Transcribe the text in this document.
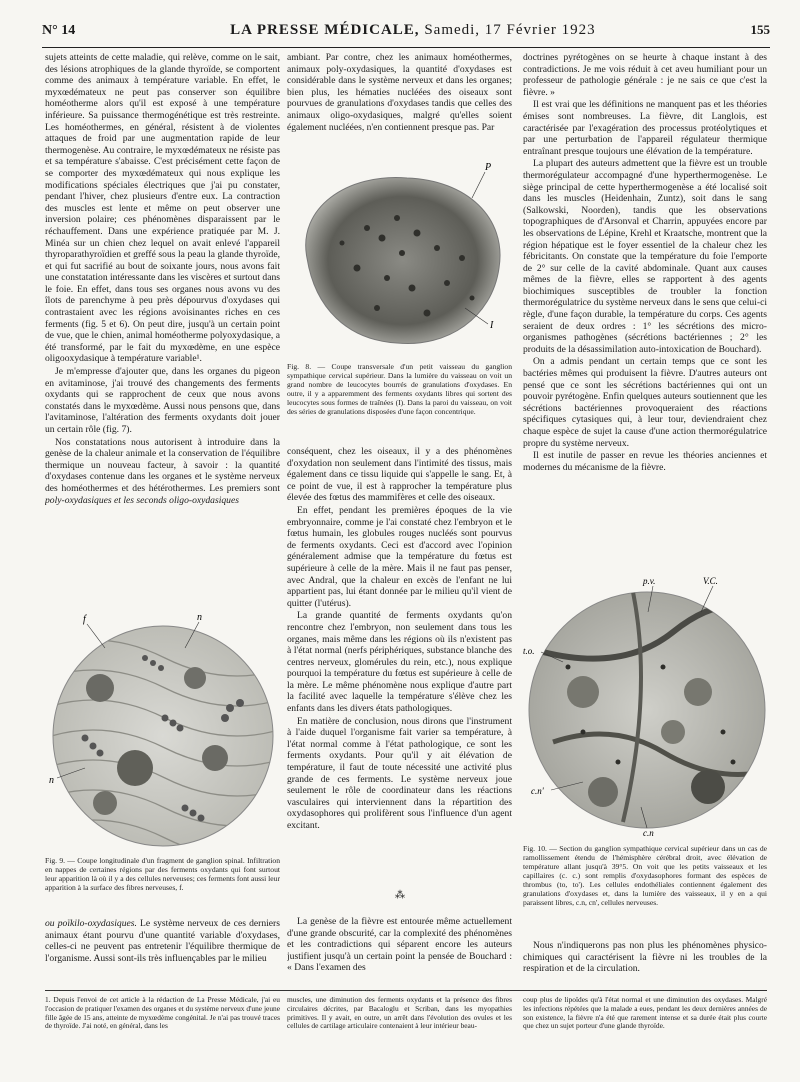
N° 14	LA PRESSE MÉDICALE, Samedi, 17 Février 1923	155

sujets atteints de cette maladie, qui relève, comme on le sait, des lésions atrophiques de la glande thyroïde, se comportent comme des animaux à température variable. En effet, le myxœdémateux ne peut pas conserver son équilibre homéotherme alors qu'il est exposé à une température inférieure. Sa puissance thermogénétique est très restreinte. Les homéothermes, en général, résistent à de violentes attaques de froid par une augmentation rapide de leur thermogenèse. Au contraire, le myxœdémateux ne résiste pas et sa température s'abaisse. C'est précisément cette façon de se comporter des myxœdémateux qui nous explique les modifications spéciales électriques que j'ai pu constater, pendant l'hiver, chez plusieurs d'entre eux. La contraction des muscles est lente et même on peut observer une inversion polaire; ces phénomènes disparaissent par le réchauffement. Dans une expérience pratiquée par M. J. Minéa sur un chien chez lequel on avait enlevé l'appareil thyroparathyroïdien et greffé sous la peau la glande thyroïde, et qui fut sacrifié au bout de soixante jours, nous avons fait une constatation intéressante dans les viscères et surtout dans le foie. En effet, dans tous ses organes nous avons vu des îlots de parenchyme à peu près dépourvus d'oxydases qui contrastaient avec les régions avoisinantes riches en ces ferments (fig. 5 et 6). On peut dire, jusqu'à un certain point de vue, que le chien, animal homéotherme polyoxydasique, a été transformé, par le fait du myxœdème, en une espèce oligooxydasique à température variable¹.

Je m'empresse d'ajouter que, dans les organes du pigeon en avitaminose, j'ai trouvé des changements des ferments oxydants qui se rapprochent de ceux que nous avons constatés dans le myxœdème. Aussi nous pensons que, dans l'avitaminose, l'altération des ferments oxydants doit jouer un certain rôle (fig. 7).

Nos constatations nous autorisent à introduire dans la genèse de la chaleur animale et la conservation de l'équilibre thermique un nouveau facteur, à savoir : la quantité d'oxydases contenue dans les organes et le système nerveux des homéothermes et des hétérothermes. Les premiers sont poly-oxydasiques et les seconds oligo-oxydasiques

f	n
n
Fig. 9. — Coupe longitudinale d'un fragment de ganglion spinal. Infiltration en nappes de certaines régions par des ferments oxydants qui font surtout leur apparition là où il y a des cellules nerveuses; ces ferments font aussi leur apparition à la surface des fibres nerveuses, f.

ou poïkilo-oxydasiques. Le système nerveux de ces derniers animaux étant pourvu d'une quantité variable d'oxydases, celles-ci ne peuvent pas entretenir l'équilibre thermique de l'organisme. Aussi sont-ils très influençables par le milieu

ambiant. Par contre, chez les animaux homéothermes, animaux poly-oxydasiques, la quantité d'oxydases est considérable dans le système nerveux et dans les organes; bien plus, les hématies nucléées des oiseaux sont pourvues de granulations d'oxydases tandis que celles des animaux oligo-oxydasiques, malgré qu'elles soient également nucléées, n'en contiennent presque pas. Par

P
I
Fig. 8. — Coupe transversale d'un petit vaisseau du ganglion sympathique cervical supérieur. Dans la lumière du vaisseau on voit un grand nombre de leucocytes bourrés de granulations d'oxydases. En outre, il y a apparemment des ferments oxydants libres qui sortent des leucocytes sous formes de traînées (I). Dans la paroi du vaisseau, on voit des séries de granulations disposées d'une façon concentrique.

conséquent, chez les oiseaux, il y a des phénomènes d'oxydation non seulement dans l'intimité des tissus, mais également dans ce tissu liquide qui s'appelle le sang. Et, à ce point de vue, il est à rapprocher la température plus élevée des fœtus des mammifères et celle des oiseaux.

En effet, pendant les premières époques de la vie embryonnaire, comme je l'ai constaté chez l'embryon et le fœtus humain, les globules rouges nucléés sont pourvus de ferments oxydants. Ceci est d'accord avec l'opinion généralement admise que la température du fœtus est supérieure à celle de la mère. Mais il ne faut pas penser, avec Andral, que la chaleur en excès de l'enfant ne lui appartient pas, lui étant donnée par le milieu qu'il vient de quitter (l'utérus).

La grande quantité de ferments oxydants qu'on rencontre chez l'embryon, non seulement dans tous les organes, mais même dans les régions où ils n'existent pas à l'état normal (nerfs périphériques, substance blanche des centres nerveux, glomérules du rein, etc.), nous explique pourquoi la température du fœtus est supérieure à celle de la mère. Le même phénomène nous explique d'autre part la facilité avec laquelle la température s'élève chez les enfants dans les divers états pathologiques.

En matière de conclusion, nous dirons que l'instrument à l'aide duquel l'organisme fait varier sa température, à l'état normal comme à l'état pathologique, ce sont les ferments oxydants. Pour qu'il y ait élévation de température, il faut de toute nécessité une activité plus grande de ces ferments. Le système nerveux joue seulement le rôle de coordinateur dans les réactions vasculaires qui interviennent dans la répartition des oxydasophores qui prolifèrent sous l'influence d'un agent excitant.

⁂

La genèse de la fièvre est entourée même actuellement d'une grande obscurité, car la complexité des phénomènes et les contradictions qui séparent encore les auteurs justifient jusqu'à un certain point la pensée de Bouchard : « Dans l'examen des

doctrines pyrétogènes on se heurte à chaque instant à des contradictions. Je me vois réduit à cet aveu humiliant pour un professeur de pathologie générale : je ne sais ce que c'est la fièvre. »

Il est vrai que les définitions ne manquent pas et les théories émises sont nombreuses. La fièvre, dit Langlois, est caractérisée par l'exagération des processus protéolytiques et par une perturbation de l'appareil régulateur thermique entraînant presque toujours une élévation de la température.

La plupart des auteurs admettent que la fièvre est un trouble thermorégulateur accompagné d'une hyperthermogenèse. Le siège principal de cette hyperthermogenèse a été localisé soit dans les muscles (Heidenhain, Zuntz), soit dans le sang (Salkowski, Noorden), tandis que les observations topographiques de d'Arsonval et Charrin, appuyées encore par les observations de Lépine, Krehl et Kraatsche, montrent que la région hépatique est le foyer essentiel de la chaleur chez les fébricitants. On constate que la température du foie l'emporte de 2° sur celle de la cavité abdominale. Quant aux causes mêmes de la fièvre, elles se rapportent à des agents biochimiques susceptibles de troubler la fonction thermorégulatrice du système nerveux dans le sens que celui-ci règle, d'une façon durable, la température du corps. Ces agents seraient de deux ordres : 1° les sécrétions des micro-organismes pathogènes (sécrétions bactériennes ; 2° les produits de la désassimilation auto-intoxication de Bouchard).

On a admis pendant un certain temps que ce sont les bactéries mêmes qui produisent la fièvre. D'autres auteurs ont pensé que ce sont les sécrétions bactériennes qui ont un pouvoir pyrétogène. Enfin quelques auteurs soutiennent que les sécrétions bactériennes provoqueraient des réactions spécifiques cytasiques qui, à leur tour, deviendraient chez chaque espèce de sujet la cause d'une action thermorégulatrice propre du système nerveux.

Il est inutile de passer en revue les théories anciennes et modernes du mécanisme de la fièvre.

p.v.	V.C.
t.o.
c.n'
c.n
Fig. 10. — Section du ganglion sympathique cervical supérieur dans un cas de ramollissement étendu de l'hémisphère cérébral droit, avec élévation de température allant jusqu'à 39°5. On voit que les petits vaisseaux et les capillaires (c. c.) sont remplis d'oxydasophores formant des espèces de thrombus (to, to'). Les cellules endothéliales contiennent également des granulations d'oxydases et, dans la lumière des vaisseaux, il y en a qui paraissent libres, c.n, cn', cellules nerveuses.

Nous n'indiquerons pas non plus les phénomènes physico-chimiques qui caractérisent la fièvre ni les troubles de la respiration et de la circulation.

1. Depuis l'envoi de cet article à la rédaction de La Presse Médicale, j'ai eu l'occasion de pratiquer l'examen des organes et du système nerveux d'une jeune fille âgée de 15 ans, atteinte de myxœdème congénital. Je n'ai pas trouvé traces de thyroïde. J'ai noté, en général, dans les
muscles, une diminution des ferments oxydants et la présence des fibres circulaires décrites, par Bacaloglu et Scriban, dans les myopathies primitives. Il y avait, en outre, un arrêt dans l'évolution des ovules et les cellules de cartilage articulaire contenaient à leur intérieur beau-
coup plus de lipoïdes qu'à l'état normal et une diminution des oxydases. Malgré les infections répétées que la malade a eues, pendant les deux dernières années de son existence, la fièvre n'a été que rarement intense et sa durée était plus courte que chez un sujet porteur d'une glande thyroïde.
